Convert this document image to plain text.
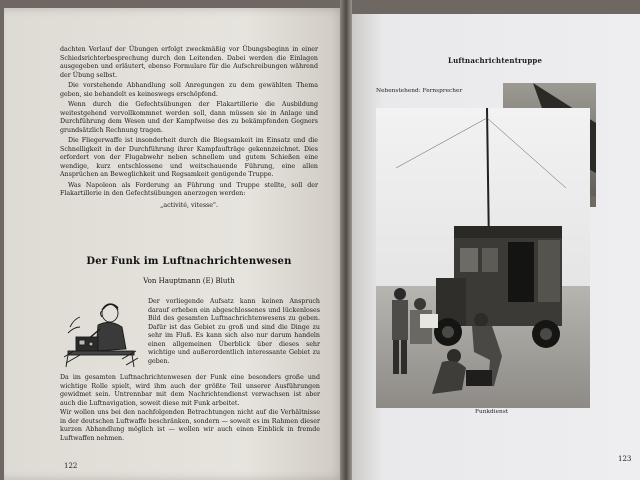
dachten Verlauf der Übungen erfolgt zweckmäßig vor Übungsbeginn in einer Schiedsrichterbesprechung durch den Leitenden. Dabei werden die Einlagen ausgegeben und erläutert, ebenso Formulare für die Aufschreibungen während der Übung selbst.

Die vorstehende Abhandlung soll Anregungen zu dem gewählten Thema geben, sie behandelt es keineswegs erschöpfend.

Wenn durch die Gefechtsübungen der Flakartillerie die Ausbildung weitestgehend vervollkommnet werden soll, dann müssen sie in Anlage und Durchführung dem Wesen und der Kampfweise des zu bekämpfenden Gegners grundsätzlich Rechnung tragen.

Die Fliegerwaffe ist insonderheit durch die Biegsamkeit im Einsatz und die Schnelligkeit in der Durchführung ihrer Kampfaufträge gekennzeichnet. Dies erfordert von der Flugabwehr neben schnellem und gutem Schießen eine wendige, kurz entschlossene und weitschauende Führung, eine allen Ansprüchen an Beweglichkeit und Regsamkeit genügende Truppe.

Was Napoleon als Forderung an Führung und Truppe stellte, soll der Flakartillerie in den Gefechtsübungen anerzogen werden:

„activité, vitesse".

Der Funk im Luftnachrichtenwesen
Von Hauptmann (E) Bluth

Der vorliegende Aufsatz kann keinen Anspruch darauf erheben ein abgeschlossenes und lückenloses Bild des gesamten Luftnachrichtenwesens zu geben. Dafür ist das Gebiet zu groß und sind die Dinge zu sehr im Fluß. Es kann sich also nur darum handeln einen allgemeinen Überblick über dieses sehr wichtige und außerordentlich interessante Gebiet zu geben.

Da im gesamten Luftnachrichtenwesen der Funk eine besonders große und wichtige Rolle spielt, wird ihm auch der größte Teil unserer Ausführungen gewidmet sein. Untrennbar mit dem Nachrichtendienst verwachsen ist aber auch die Luftnavigation, soweit diese mit Funk arbeitet.

Wir wollen uns bei den nachfolgenden Betrachtungen nicht auf die Verhältnisse in der deutschen Luftwaffe beschränken, sondern — soweit es im Rahmen dieser kurzen Abhandlung möglich ist — wollen wir auch einen Einblick in fremde Luftwaffen nehmen.

122
Luftnachrichtentruppe
Nebenstehend: Fernsprecher
Funkdienst
123
